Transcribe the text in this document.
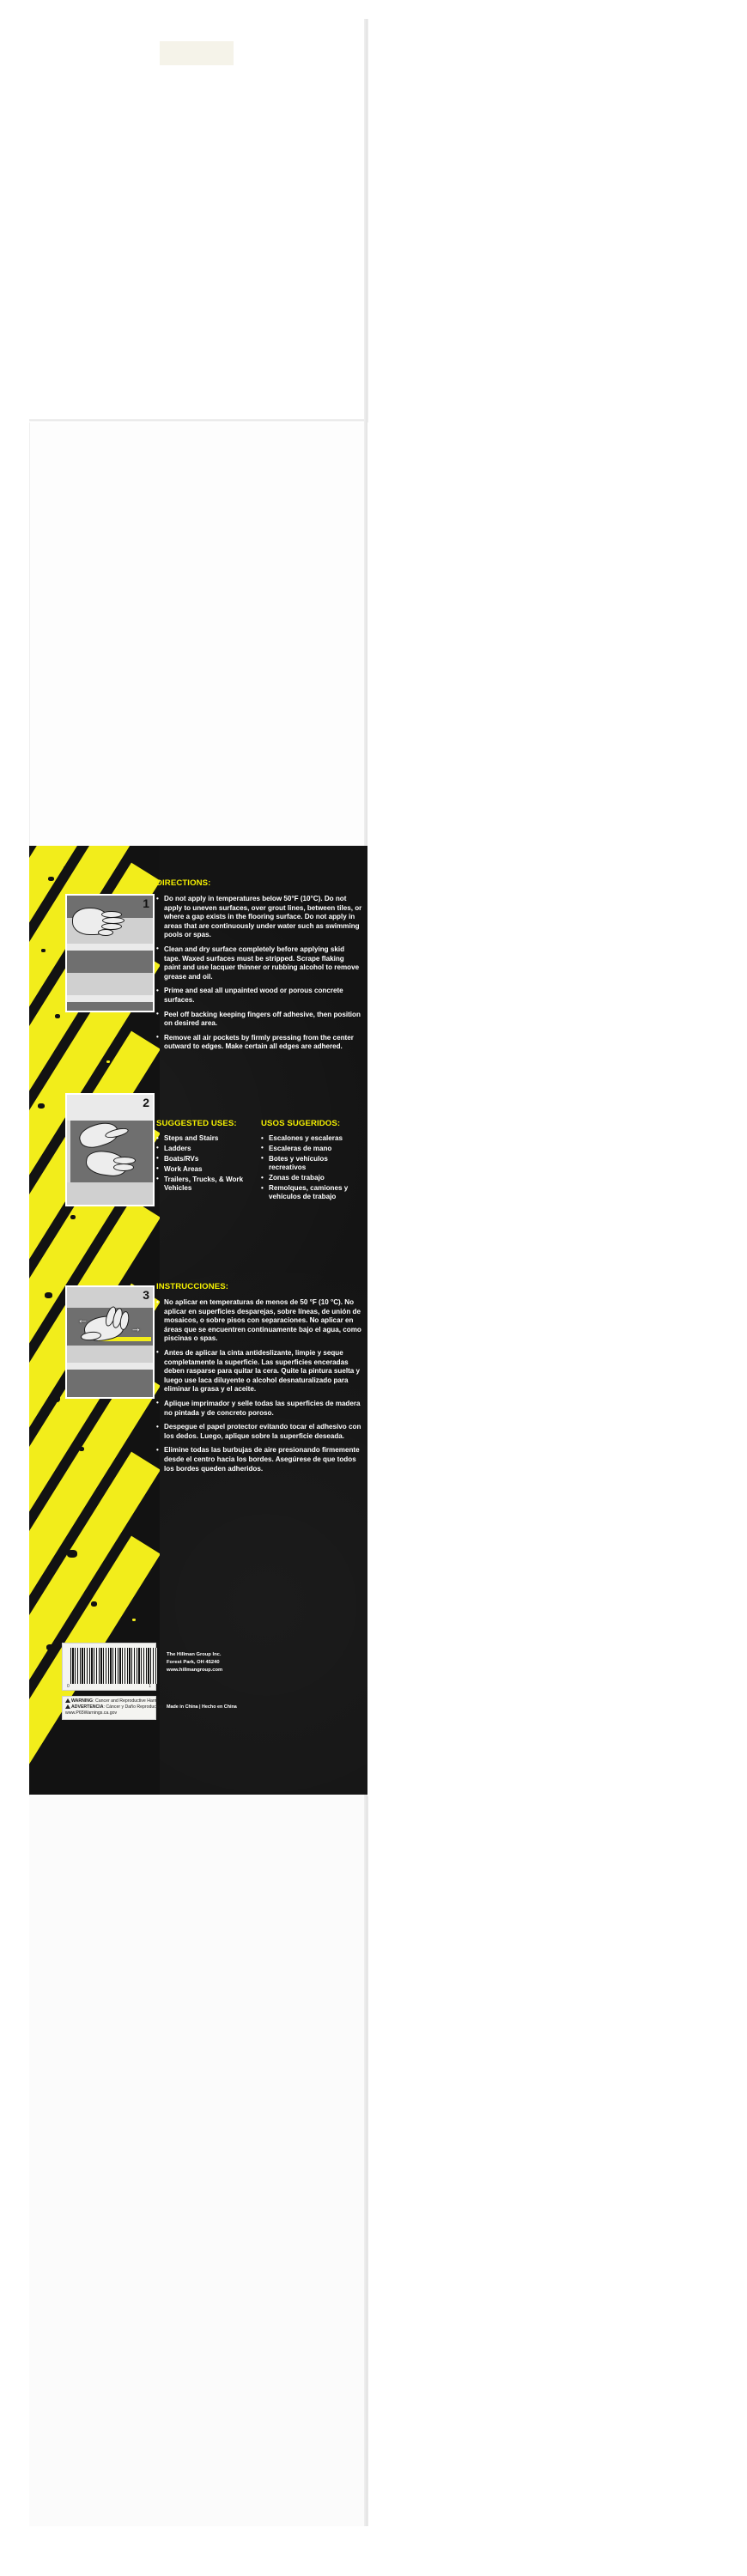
1
2
←
→
3

DIRECTIONS:

• Do not apply in temperatures below 50°F (10°C). Do not apply to uneven surfaces, over grout lines, between tiles, or where a gap exists in the flooring surface. Do not apply in areas that are continuously under water such as swimming pools or spas.
• Clean and dry surface completely before applying skid tape. Waxed surfaces must be stripped. Scrape flaking paint and use lacquer thinner or rubbing alcohol to remove grease and oil.
• Prime and seal all unpainted wood or porous concrete surfaces.
• Peel off backing keeping fingers off adhesive, then position on desired area.
• Remove all air pockets by firmly pressing from the center outward to edges. Make certain all edges are adhered.

SUGGESTED USES:

• Steps and Stairs
• Ladders
• Boats/RVs
• Work Areas
• Trailers, Trucks, & Work Vehicles

USOS SUGERIDOS:

• Escalones y escaleras
• Escaleras de mano
• Botes y vehículos recreativos
• Zonas de trabajo
• Remolques, camiones y vehículos de trabajo

INSTRUCCIONES:

• No aplicar en temperaturas de menos de 50 °F (10 °C). No aplicar en superficies desparejas, sobre líneas, de unión de mosaicos, o sobre pisos con separaciones. No aplicar en áreas que se encuentren continuamente bajo el agua, como piscinas o spas.
• Antes de aplicar la cinta antideslizante, limpie y seque completamente la superficie. Las superficies enceradas deben rasparse para quitar la cera. Quite la pintura suelta y luego use laca diluyente o alcohol desnaturalizado para eliminar la grasa y el aceite.
• Aplique imprimador y selle todas las superficies de madera no pintada y de concreto poroso.
• Despegue el papel protector evitando tocar el adhesivo con los dedos. Luego, aplique sobre la superficie deseada.
• Elimine todas las burbujas de aire presionando firmemente desde el centro hacia los bordes. Asegúrese de que todos los bordes queden adheridos.
0	1
WARNING: Cancer and Reproductive Harm
ADVERTENCIA: Cáncer y Daño Reproductivo
www.P65Warnings.ca.gov
The Hillman Group Inc.
Forest Park, OH 45240
www.hillmangroup.com
Made in China | Hecho en China
